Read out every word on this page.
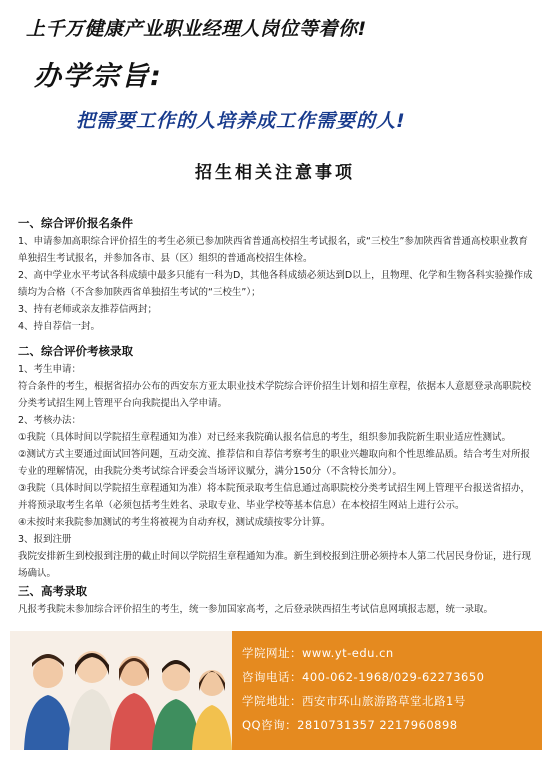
上千万健康产业职业经理人岗位等着你!
办学宗旨:
把需要工作的人培养成工作需要的人!
招生相关注意事项
一、综合评价报名条件

1、申请参加高职综合评价招生的考生必须已参加陕西省普通高校招生考试报名，或“三校生”参加陕西省普通高校职业教育单独招生考试报名，并参加各市、县（区）组织的普通高校招生体检。

2、高中学业水平考试各科成绩中最多只能有一科为D，其他各科成绩必须达到D以上，且物理、化学和生物各科实验操作成绩均为合格（不含参加陕西省单独招生考试的“三校生”）；

3、持有老师或亲友推荐信两封；

4、持自荐信一封。

二、综合评价考核录取

1、考生申请：

符合条件的考生，根据省招办公布的西安东方亚太职业技术学院综合评价招生计划和招生章程，依据本人意愿登录高职院校分类考试招生网上管理平台向我院提出入学申请。

2、考核办法：

①我院（具体时间以学院招生章程通知为准）对已经来我院确认报名信息的考生，组织参加我院新生职业适应性测试。

②测试方式主要通过面试回答问题，互动交流、推荐信和自荐信考察考生的职业兴趣取向和个性思维品质。结合考生对所报专业的理解情况，由我院分类考试综合评委会当场评议赋分，满分150分（不含特长加分）。

③我院（具体时间以学院招生章程通知为准）将本院预录取考生信息通过高职院校分类考试招生网上管理平台报送省招办，并将预录取考生名单（必须包括考生姓名、录取专业、毕业学校等基本信息）在本校招生网站上进行公示。

④未按时来我院参加测试的考生将被视为自动弃权，测试成绩按零分计算。

3、报到注册

我院安排新生到校报到注册的截止时间以学院招生章程通知为准。新生到校报到注册必须持本人第二代居民身份证，进行现场确认。

三、高考录取

凡报考我院未参加综合评价招生的考生，统一参加国家高考，之后登录陕西招生考试信息网填报志愿，统一录取。

学院网址：www.yt-edu.cn
咨询电话：400-062-1968/029-62273650
学院地址：西安市环山旅游路草堂北路1号
QQ咨询：2810731357 2217960898
